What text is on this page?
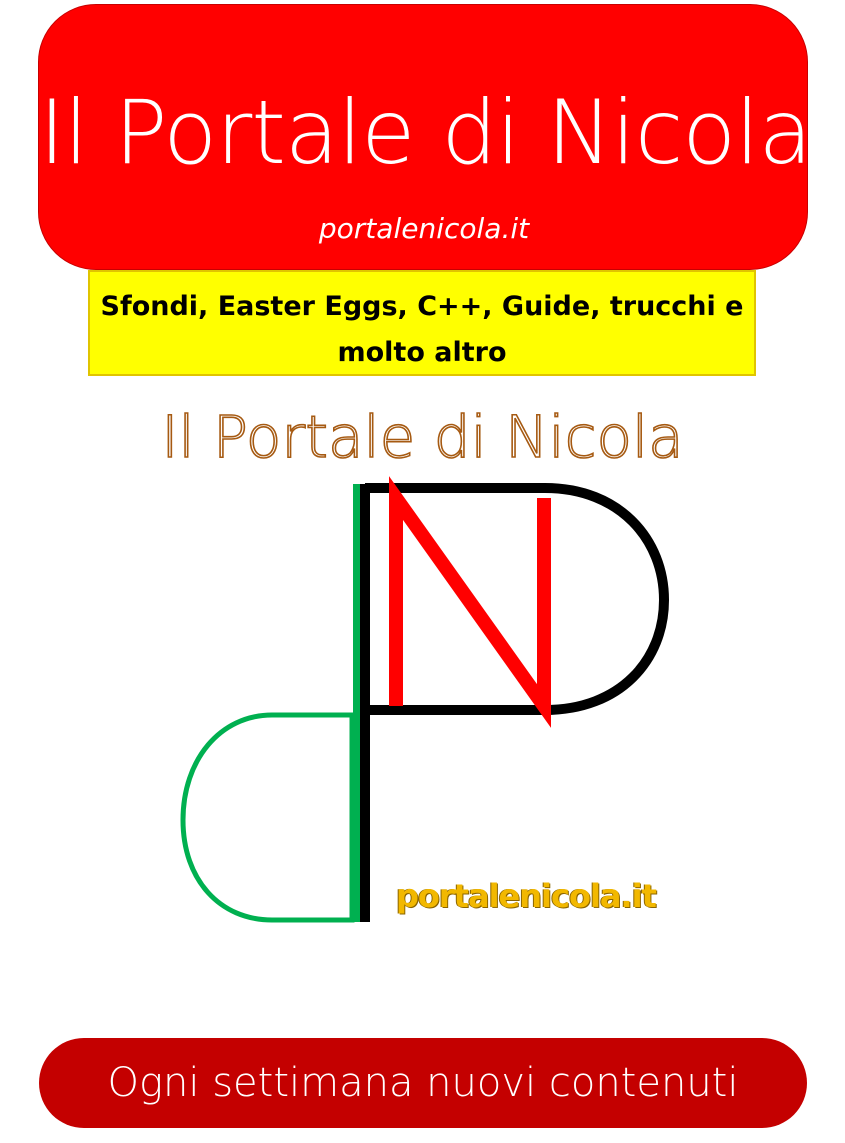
Il Portale di Nicola
portalenicola.it
Sfondi, Easter Eggs, C++, Guide, trucchi e molto altro
Il Portale di Nicola
portalenicola.it
Ogni settimana nuovi contenuti
